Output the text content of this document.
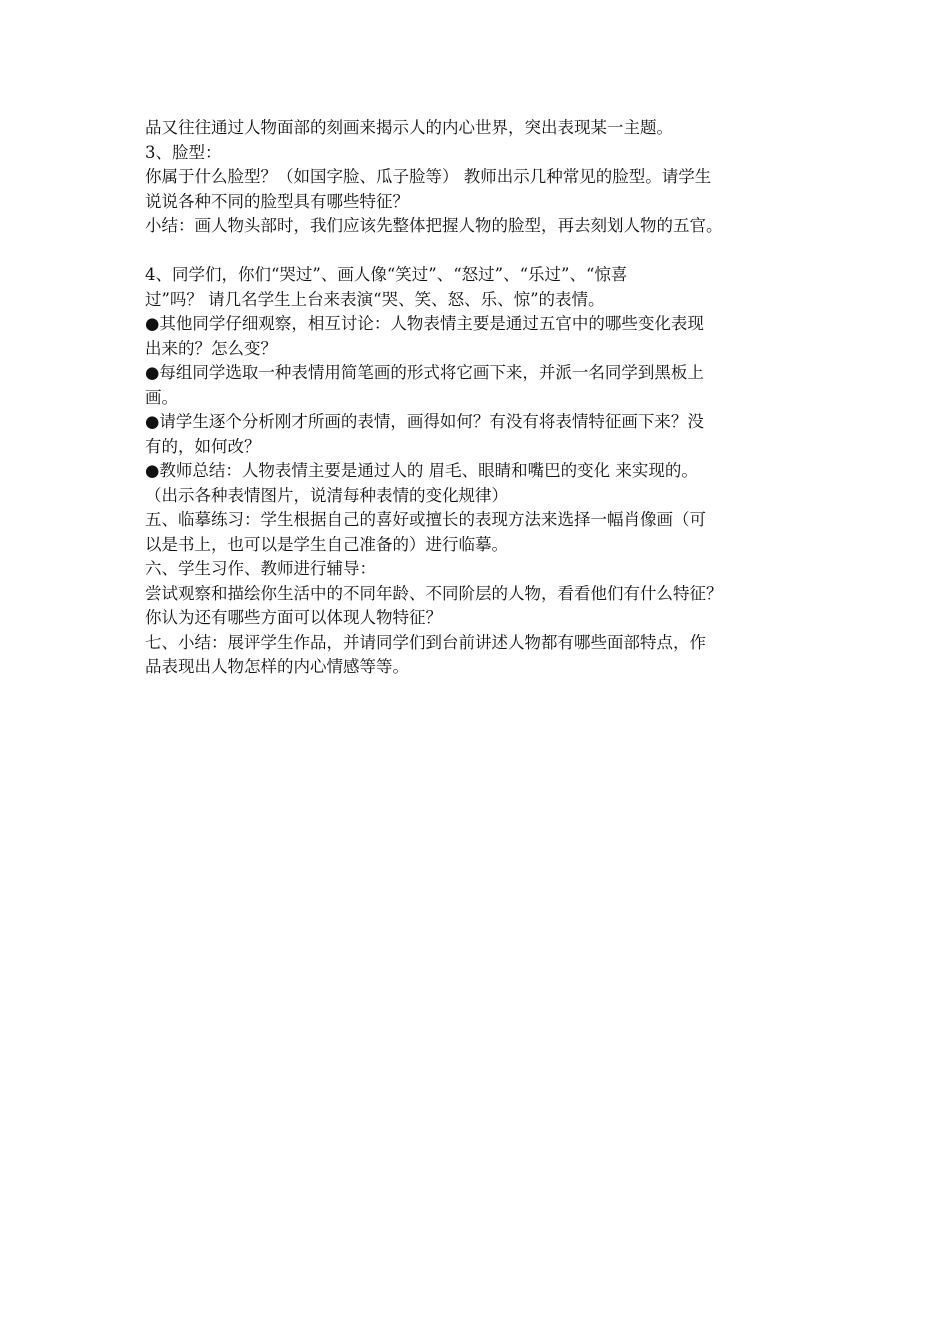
品又往往通过人物面部的刻画来揭示人的内心世界，突出表现某一主题。
3、脸型：
你属于什么脸型？（如国字脸、瓜子脸等） 教师出示几种常见的脸型。请学生
说说各种不同的脸型具有哪些特征？
小结：画人物头部时，我们应该先整体把握人物的脸型，再去刻划人物的五官。
4、同学们，你们“哭过”、画人像“笑过”、“怒过”、“乐过”、“惊喜
过”吗？ 请几名学生上台来表演“哭、笑、怒、乐、惊”的表情。
●其他同学仔细观察，相互讨论：人物表情主要是通过五官中的哪些变化表现
出来的？怎么变？
●每组同学选取一种表情用简笔画的形式将它画下来，并派一名同学到黑板上
画。
●请学生逐个分析刚才所画的表情，画得如何？有没有将表情特征画下来？没
有的，如何改？
●教师总结：人物表情主要是通过人的 眉毛、眼睛和嘴巴的变化 来实现的。
（出示各种表情图片，说清每种表情的变化规律）
五、临摹练习：学生根据自己的喜好或擅长的表现方法来选择一幅肖像画（可
以是书上，也可以是学生自己准备的）进行临摹。
六、学生习作、教师进行辅导：
尝试观察和描绘你生活中的不同年龄、不同阶层的人物，看看他们有什么特征？
你认为还有哪些方面可以体现人物特征？
七、小结：展评学生作品，并请同学们到台前讲述人物都有哪些面部特点，作
品表现出人物怎样的内心情感等等。
